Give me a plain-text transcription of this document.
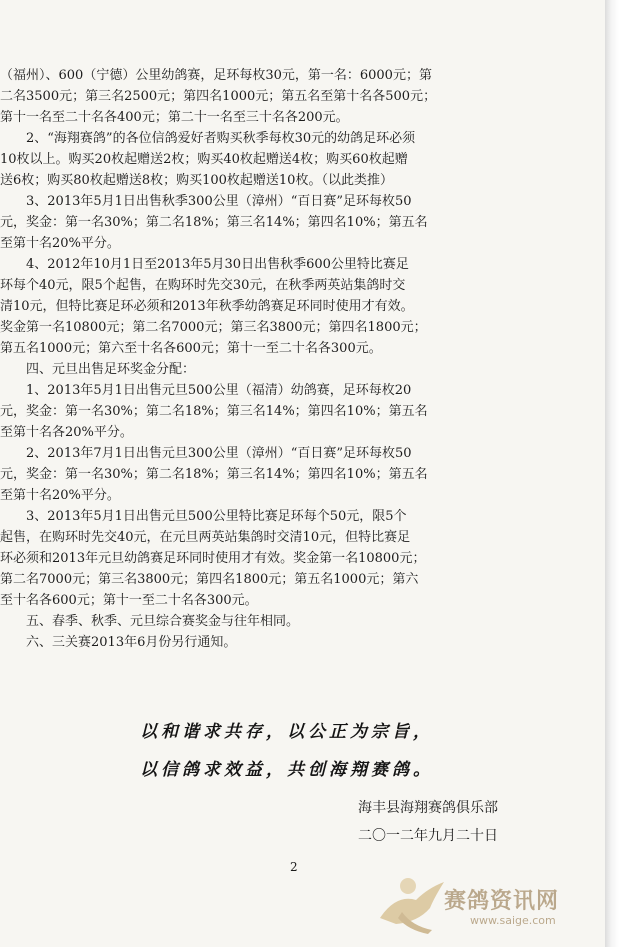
（福州）、600（宁德）公里幼鸽赛，足环每枚30元，第一名：6000元；第
二名3500元；第三名2500元；第四名1000元；第五名至第十名各500元；
第十一名至二十名各400元；第二十一名至三十名各200元。
　　2、“海翔赛鸽”的各位信鸽爱好者购买秋季每枚30元的幼鸽足环必须
10枚以上。购买20枚起赠送2枚；购买40枚起赠送4枚；购买60枚起赠
送6枚；购买80枚起赠送8枚；购买100枚起赠送10枚。（以此类推）
　　3、2013年5月1日出售秋季300公里（漳州）“百日赛”足环每枚50
元，奖金：第一名30%；第二名18%；第三名14%；第四名10%；第五名
至第十名20%平分。
　　4、2012年10月1日至2013年5月30日出售秋季600公里特比赛足
环每个40元，限5个起售，在购环时先交30元，在秋季两英站集鸽时交
清10元，但特比赛足环必须和2013年秋季幼鸽赛足环同时使用才有效。
奖金第一名10800元；第二名7000元；第三名3800元；第四名1800元；
第五名1000元；第六至十名各600元；第十一至二十名各300元。
　　四、元旦出售足环奖金分配：
　　1、2013年5月1日出售元旦500公里（福清）幼鸽赛，足环每枚20
元，奖金：第一名30%；第二名18%；第三名14%；第四名10%；第五名
至第十名各20%平分。
　　2、2013年7月1日出售元旦300公里（漳州）“百日赛”足环每枚50
元，奖金：第一名30%；第二名18%；第三名14%；第四名10%；第五名
至第十名20%平分。
　　3、2013年5月1日出售元旦500公里特比赛足环每个50元，限5个
起售，在购环时先交40元，在元旦两英站集鸽时交清10元，但特比赛足
环必须和2013年元旦幼鸽赛足环同时使用才有效。奖金第一名10800元；
第二名7000元；第三名3800元；第四名1800元；第五名1000元；第六
至十名各600元；第十一至二十名各300元。
　　五、春季、秋季、元旦综合赛奖金与往年相同。
　　六、三关赛2013年6月份另行通知。
以和谐求共存，以公正为宗旨，
以信鸽求效益，共创海翔赛鸽。
海丰县海翔赛鸽俱乐部
二〇一二年九月二十日
2
赛鸽资讯网
www.saige.com
